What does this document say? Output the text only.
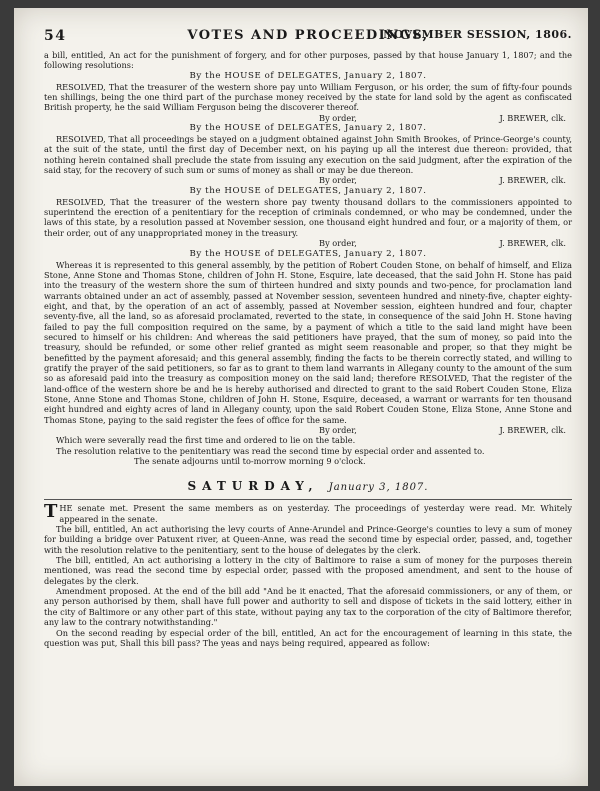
54	VOTES AND PROCEEDINGS,
NOVEMBER SESSION, 1806.

a bill, entitled, An act for the punishment of forgery, and for other purposes, passed by that house January 1, 1807; and the following resolutions:

By the HOUSE of DELEGATES, January 2, 1807.

RESOLVED, That the treasurer of the western shore pay unto William Ferguson, or his order, the sum of fifty-four pounds ten shillings, being the one third part of the purchase money received by the state for land sold by the agent as confiscated British property, he the said William Ferguson being the discoverer thereof.

By order,	J. BREWER, clk.

By the HOUSE of DELEGATES, January 2, 1807.

RESOLVED, That all proceedings be stayed on a judgment obtained against John Smith Brookes, of Prince-George's county, at the suit of the state, until the first day of December next, on his paying up all the interest due thereon: provided, that nothing herein contained shall preclude the state from issuing any execution on the said judgment, after the expiration of the said stay, for the recovery of such sum or sums of money as shall or may be due thereon.

By order,	J. BREWER, clk.

By the HOUSE of DELEGATES, January 2, 1807.

RESOLVED, That the treasurer of the western shore pay twenty thousand dollars to the commissioners appointed to superintend the erection of a penitentiary for the reception of criminals condemned, or who may be condemned, under the laws of this state, by a resolution passed at November session, one thousand eight hundred and four, or a majority of them, or their order, out of any unappropriated money in the treasury.

By order,	J. BREWER, clk.

By the HOUSE of DELEGATES, January 2, 1807.

Whereas it is represented to this general assembly, by the petition of Robert Couden Stone, on behalf of himself, and Eliza Stone, Anne Stone and Thomas Stone, children of John H. Stone, Esquire, late deceased, that the said John H. Stone has paid into the treasury of the western shore the sum of thirteen hundred and sixty pounds and two-pence, for proclamation land warrants obtained under an act of assembly, passed at November session, seventeen hundred and ninety-five, chapter eighty-eight, and that, by the operation of an act of assembly, passed at November session, eighteen hundred and four, chapter seventy-five, all the land, so as aforesaid proclamated, reverted to the state, in consequence of the said John H. Stone having failed to pay the full composition required on the same, by a payment of which a title to the said land might have been secured to himself or his children: And whereas the said petitioners have prayed, that the sum of money, so paid into the treasury, should be refunded, or some other relief granted as might seem reasonable and proper, so that they might be benefitted by the payment aforesaid; and this general assembly, finding the facts to be therein correctly stated, and willing to gratify the prayer of the said petitioners, so far as to grant to them land warrants in Allegany county to the amount of the sum so as aforesaid paid into the treasury as composition money on the said land; therefore RESOLVED, That the register of the land-office of the western shore be and he is hereby authorised and directed to grant to the said Robert Couden Stone, Eliza Stone, Anne Stone and Thomas Stone, children of John H. Stone, Esquire, deceased, a warrant or warrants for ten thousand eight hundred and eighty acres of land in Allegany county, upon the said Robert Couden Stone, Eliza Stone, Anne Stone and Thomas Stone, paying to the said register the fees of office for the same.

By order,	J. BREWER, clk.

Which were severally read the first time and ordered to lie on the table.

The resolution relative to the penitentiary was read the second time by especial order and assented to.

The senate adjourns until to-morrow morning 9 o'clock.

SATURDAY, January 3, 1807.

T HE senate met. Present the same members as on yesterday. The proceedings of yesterday were read. Mr. Whitely appeared in the senate.

The bill, entitled, An act authorising the levy courts of Anne-Arundel and Prince-George's counties to levy a sum of money for building a bridge over Patuxent river, at Queen-Anne, was read the second time by especial order, passed, and, together with the resolution relative to the penitentiary, sent to the house of delegates by the clerk.

The bill, entitled, An act authorising a lottery in the city of Baltimore to raise a sum of money for the purposes therein mentioned, was read the second time by especial order, passed with the proposed amendment, and sent to the house of delegates by the clerk.

Amendment proposed. At the end of the bill add "And be it enacted, That the aforesaid commissioners, or any of them, or any person authorised by them, shall have full power and authority to sell and dispose of tickets in the said lottery, either in the city of Baltimore or any other part of this state, without paying any tax to the corporation of the city of Baltimore therefor, any law to the contrary notwithstanding."

On the second reading by especial order of the bill, entitled, An act for the encouragement of learning in this state, the question was put, Shall this bill pass? The yeas and nays being required, appeared as follow:
